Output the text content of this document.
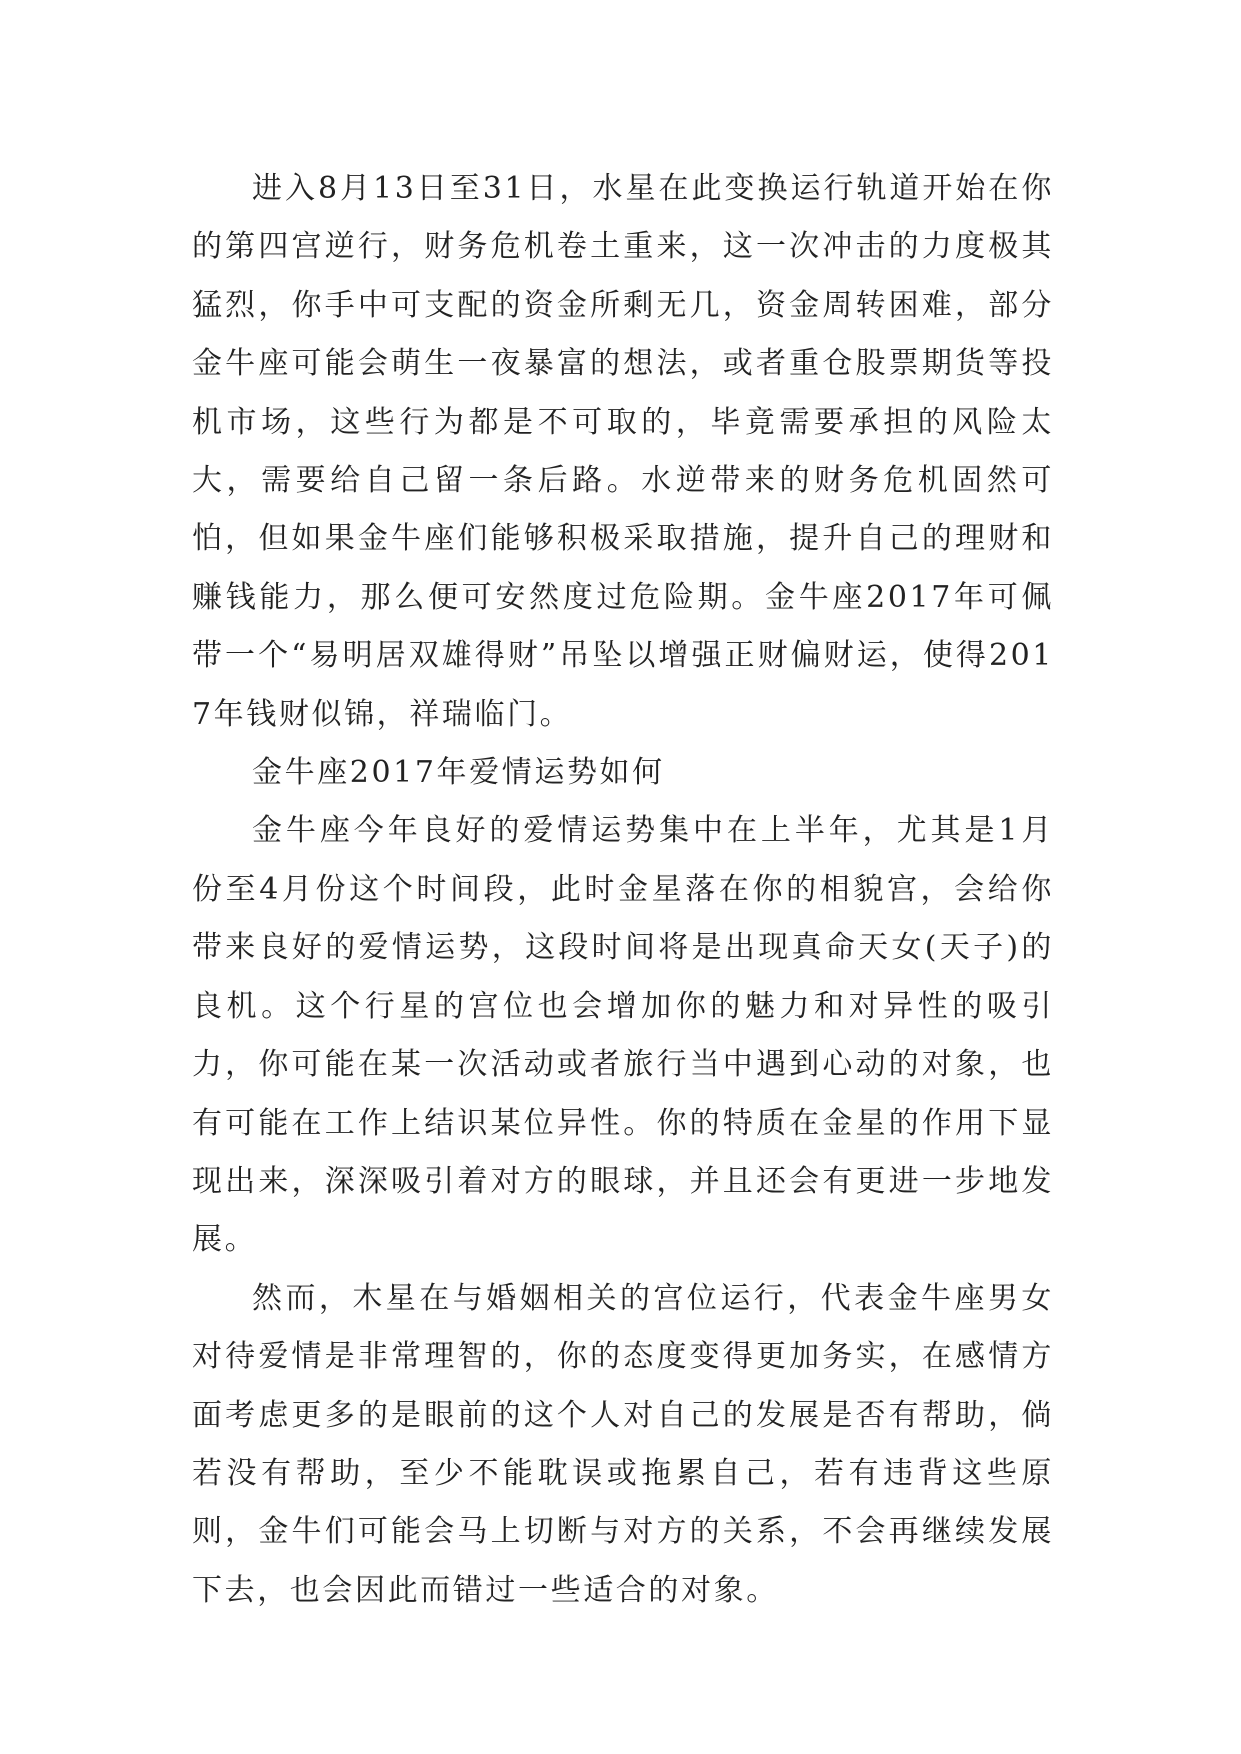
进入8月13日至31日，水星在此变换运行轨道开始在你的第四宫逆行，财务危机卷土重来，这一次冲击的力度极其猛烈，你手中可支配的资金所剩无几，资金周转困难，部分金牛座可能会萌生一夜暴富的想法，或者重仓股票期货等投机市场，这些行为都是不可取的，毕竟需要承担的风险太大，需要给自己留一条后路。水逆带来的财务危机固然可怕，但如果金牛座们能够积极采取措施，提升自己的理财和赚钱能力，那么便可安然度过危险期。金牛座2017年可佩带一个“易明居双雄得财”吊坠以增强正财偏财运，使得2017年钱财似锦，祥瑞临门。

金牛座2017年爱情运势如何

金牛座今年良好的爱情运势集中在上半年，尤其是1月份至4月份这个时间段，此时金星落在你的相貌宫，会给你带来良好的爱情运势，这段时间将是出现真命天女(天子)的良机。这个行星的宫位也会增加你的魅力和对异性的吸引力，你可能在某一次活动或者旅行当中遇到心动的对象，也有可能在工作上结识某位异性。你的特质在金星的作用下显现出来，深深吸引着对方的眼球，并且还会有更进一步地发展。

然而，木星在与婚姻相关的宫位运行，代表金牛座男女对待爱情是非常理智的，你的态度变得更加务实，在感情方面考虑更多的是眼前的这个人对自己的发展是否有帮助，倘若没有帮助，至少不能耽误或拖累自己，若有违背这些原则，金牛们可能会马上切断与对方的关系，不会再继续发展下去，也会因此而错过一些适合的对象。
